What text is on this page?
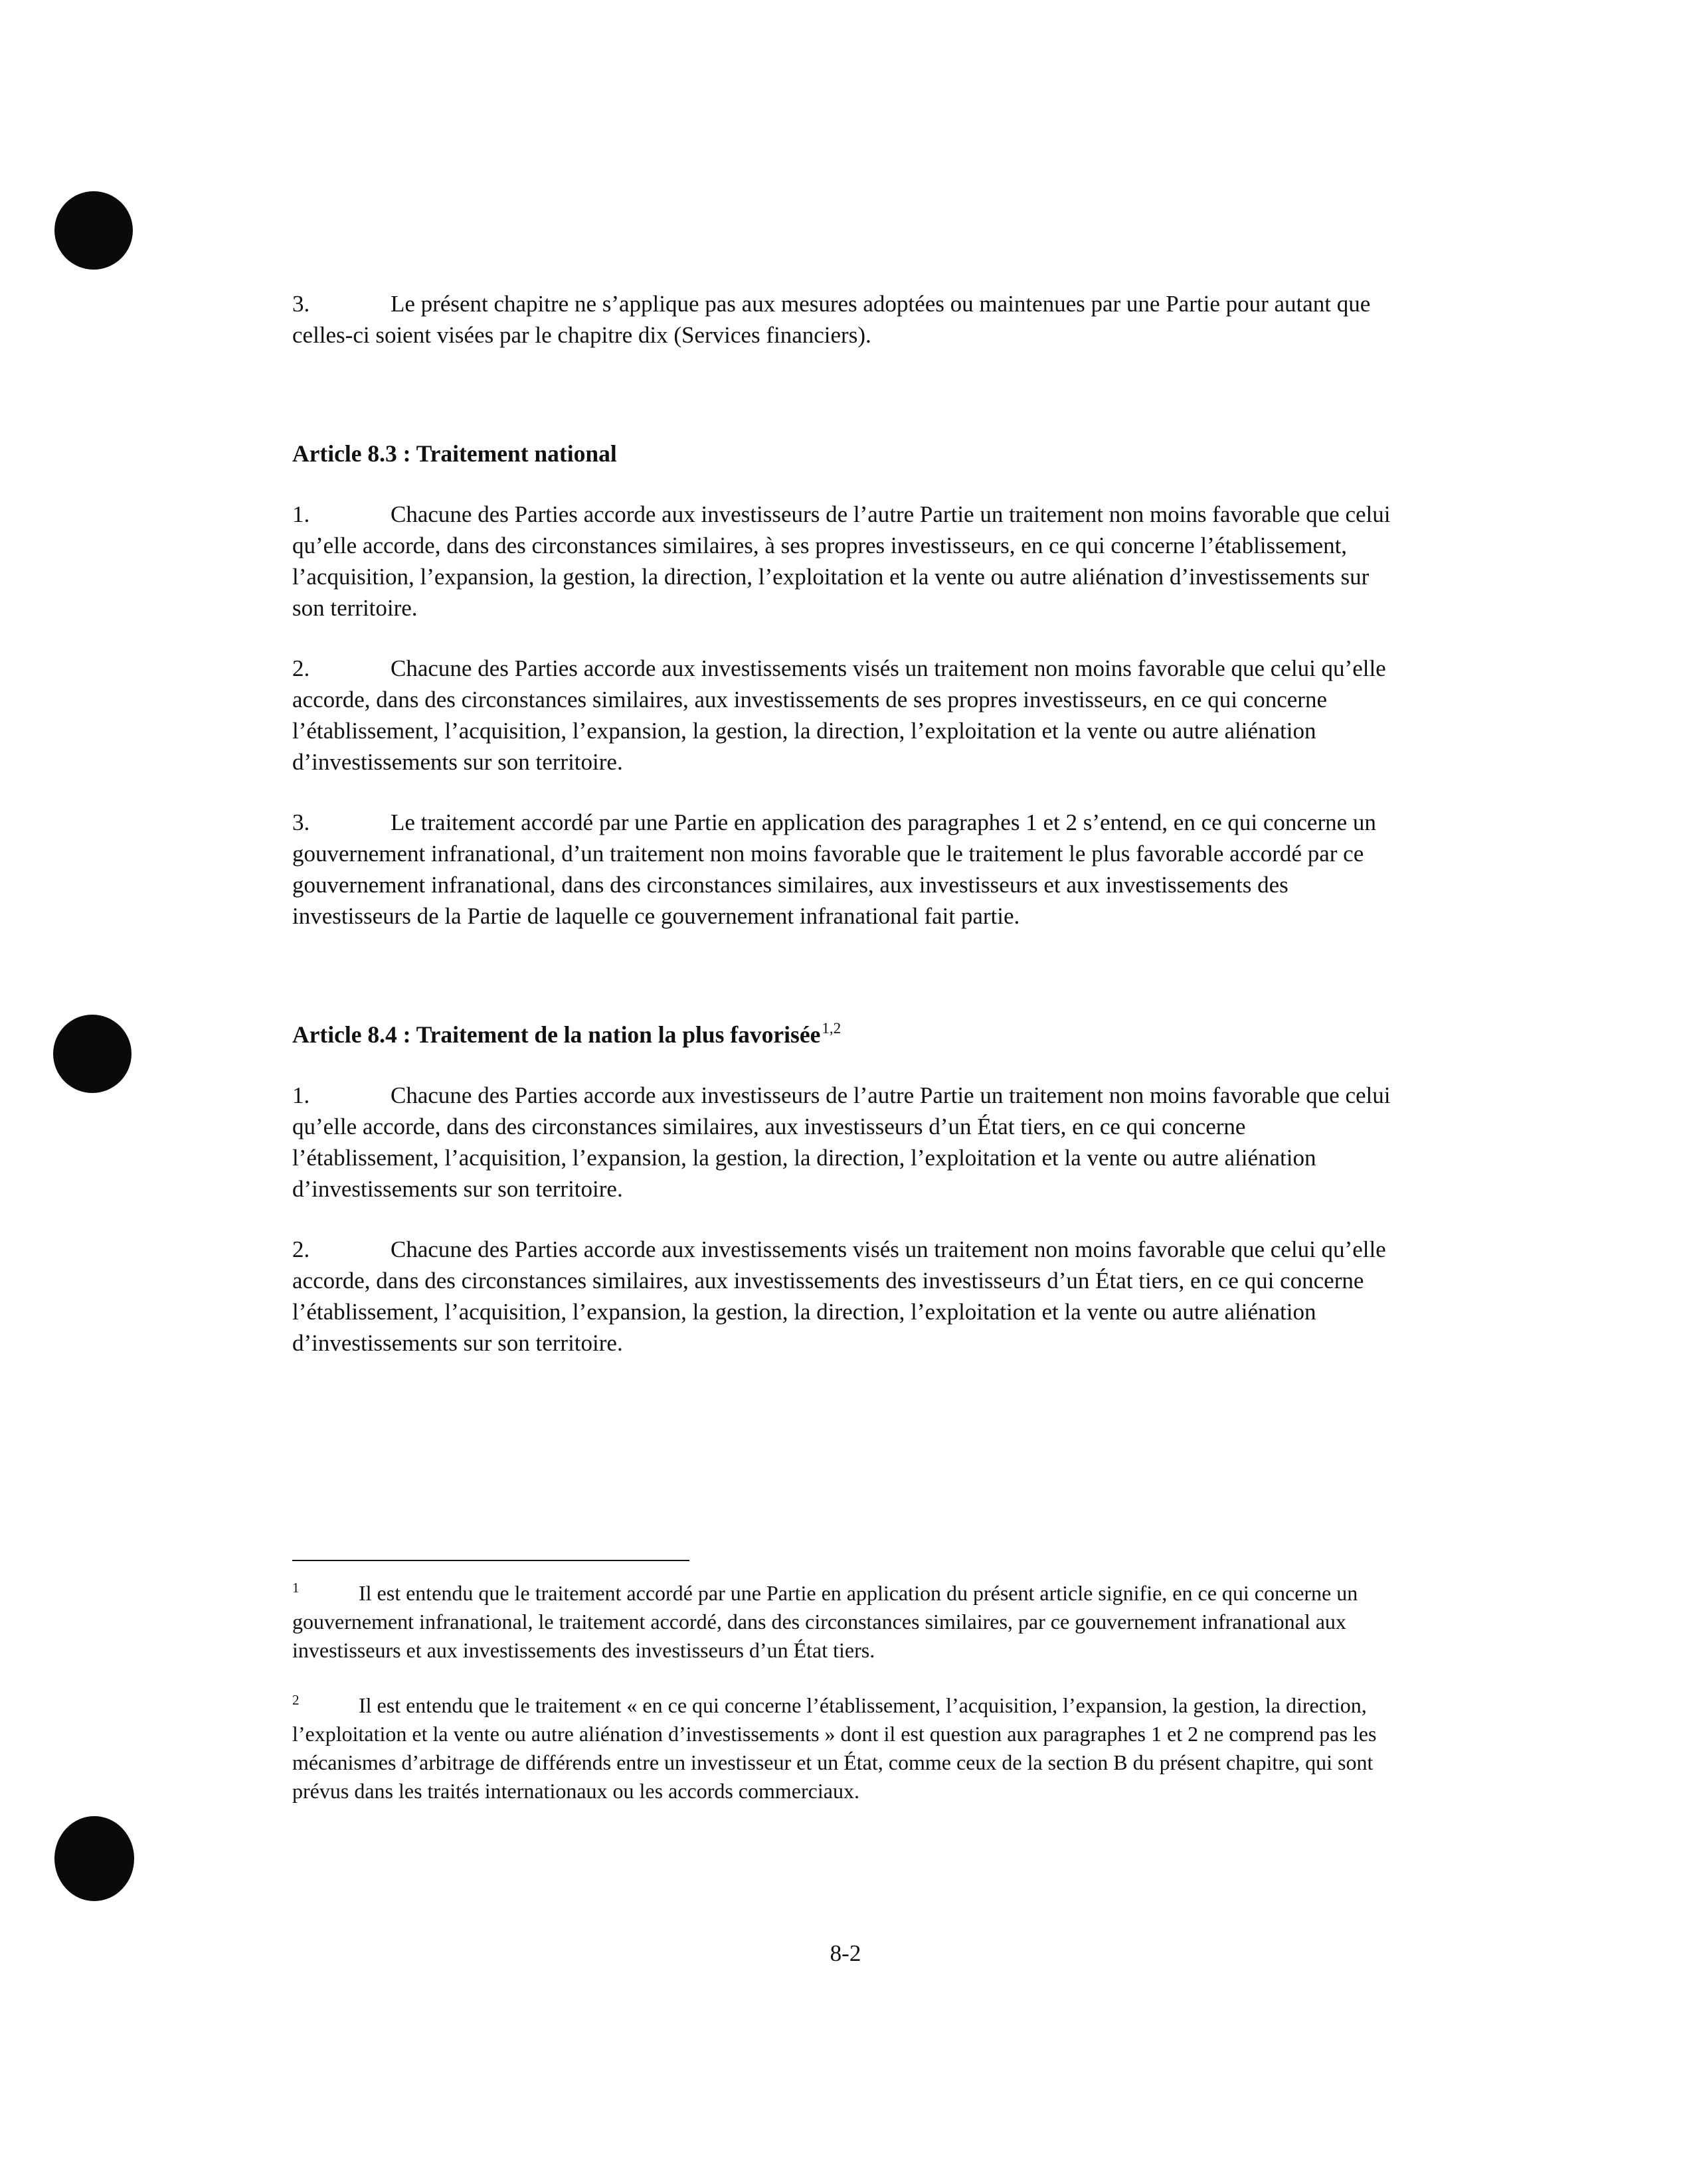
3.	Le présent chapitre ne s’applique pas aux mesures adoptées ou maintenues par une Partie pour autant que celles-ci soient visées par le chapitre dix (Services financiers).

Article 8.3 : Traitement national

1.	Chacune des Parties accorde aux investisseurs de l’autre Partie un traitement non moins favorable que celui qu’elle accorde, dans des circonstances similaires, à ses propres investisseurs, en ce qui concerne l’établissement, l’acquisition, l’expansion, la gestion, la direction, l’exploitation et la vente ou autre aliénation d’investissements sur son territoire.

2.	Chacune des Parties accorde aux investissements visés un traitement non moins favorable que celui qu’elle accorde, dans des circonstances similaires, aux investissements de ses propres investisseurs, en ce qui concerne l’établissement, l’acquisition, l’expansion, la gestion, la direction, l’exploitation et la vente ou autre aliénation d’investissements sur son territoire.

3.	Le traitement accordé par une Partie en application des paragraphes 1 et 2 s’entend, en ce qui concerne un gouvernement infranational, d’un traitement non moins favorable que le traitement le plus favorable accordé par ce gouvernement infranational, dans des circonstances similaires, aux investisseurs et aux investissements des investisseurs de la Partie de laquelle ce gouvernement infranational fait partie.

Article 8.4 : Traitement de la nation la plus favorisée$^{1,2}$

1.	Chacune des Parties accorde aux investisseurs de l’autre Partie un traitement non moins favorable que celui qu’elle accorde, dans des circonstances similaires, aux investisseurs d’un État tiers, en ce qui concerne l’établissement, l’acquisition, l’expansion, la gestion, la direction, l’exploitation et la vente ou autre aliénation d’investissements sur son territoire.

2.	Chacune des Parties accorde aux investissements visés un traitement non moins favorable que celui qu’elle accorde, dans des circonstances similaires, aux investissements des investisseurs d’un État tiers, en ce qui concerne l’établissement, l’acquisition, l’expansion, la gestion, la direction, l’exploitation et la vente ou autre aliénation d’investissements sur son territoire.

1	Il est entendu que le traitement accordé par une Partie en application du présent article signifie, en ce qui concerne un gouvernement infranational, le traitement accordé, dans des circonstances similaires, par ce gouvernement infranational aux investisseurs et aux investissements des investisseurs d’un État tiers.

2	Il est entendu que le traitement « en ce qui concerne l’établissement, l’acquisition, l’expansion, la gestion, la direction, l’exploitation et la vente ou autre aliénation d’investissements » dont il est question aux paragraphes 1 et 2 ne comprend pas les mécanismes d’arbitrage de différends entre un investisseur et un État, comme ceux de la section B du présent chapitre, qui sont prévus dans les traités internationaux ou les accords commerciaux.

8-2
